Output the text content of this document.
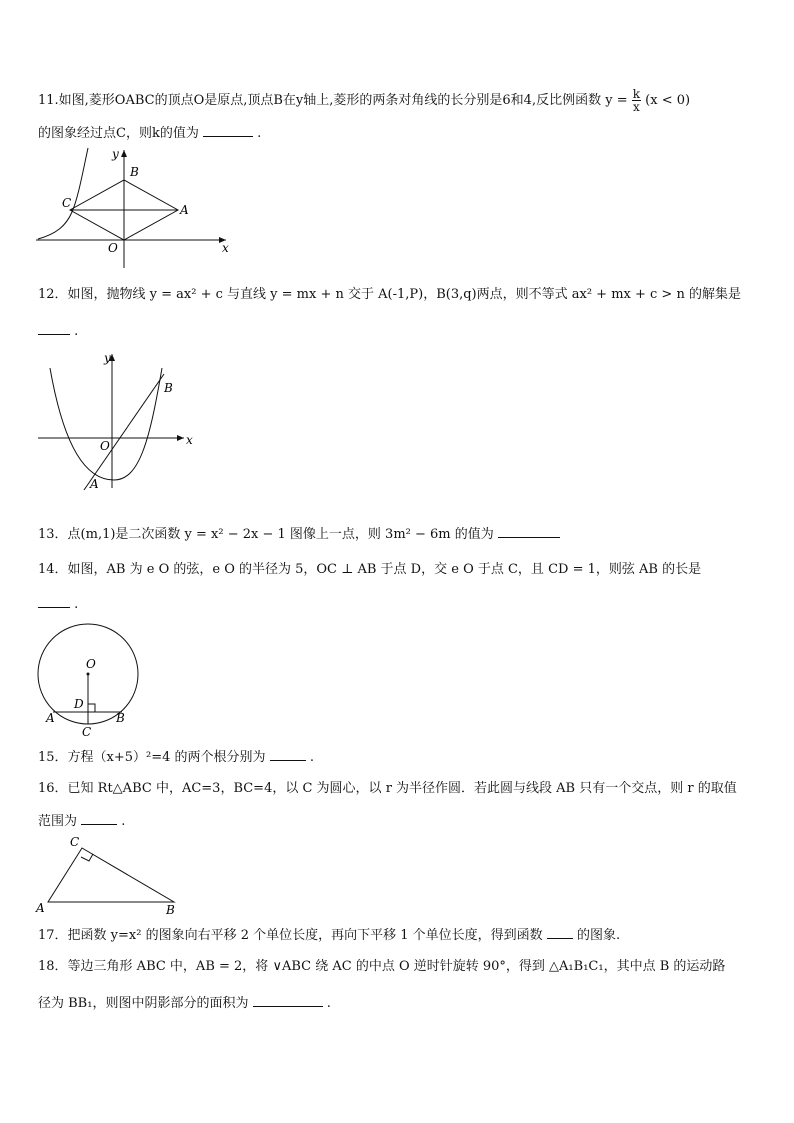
11.如图,菱形OABC的顶点O是原点,顶点B在y轴上,菱形的两条对角线的长分别是6和4,反比例函数 $y = \frac{k}{x} (x < 0)$
的图象经过点C，则k的值为	.
y
x
B
C	A
O
12．如图，抛物线 y = ax² + c 与直线 y = mx + n 交于 A(-1,P)，B(3,q)两点，则不等式 ax² + mx + c > n 的解集是
.
y
x
B
O
A
13．点(m,1)是二次函数 y = x² − 2x − 1 图像上一点，则 3m² − 6m 的值为
14．如图，AB 为 e O 的弦，e O 的半径为 5，OC ⊥ AB 于点 D，交 e O 于点 C，且 CD = 1，则弦 AB 的长是
.
O
D
A	B
C
15．方程（x+5）²=4 的两个根分别为	.
16．已知 Rt△ABC 中，AC=3，BC=4，以 C 为圆心，以 r 为半径作圆．若此圆与线段 AB 只有一个交点，则 r 的取值
范围为	.
C
A	B
17．把函数 y=x² 的图象向右平移 2 个单位长度，再向下平移 1 个单位长度，得到函数	的图象.
18．等边三角形 ABC 中，AB = 2，将 ∨ABC 绕 AC 的中点 O 逆时针旋转 90°，得到 △A₁B₁C₁，其中点 B 的运动路
径为 BB₁，则图中阴影部分的面积为	.
